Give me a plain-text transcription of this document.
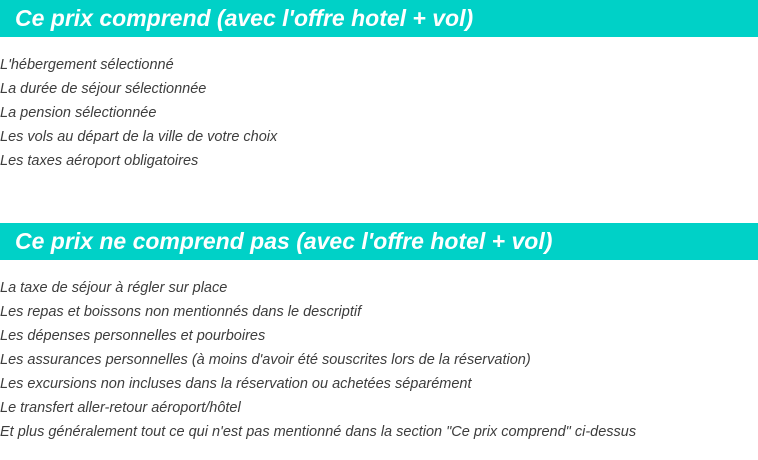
Ce prix comprend (avec l'offre hotel + vol)
L'hébergement sélectionné
La durée de séjour sélectionnée
La pension sélectionnée
Les vols au départ de la ville de votre choix
Les taxes aéroport obligatoires
Ce prix ne comprend pas (avec l'offre hotel + vol)
La taxe de séjour à régler sur place
Les repas et boissons non mentionnés dans le descriptif
Les dépenses personnelles et pourboires
Les assurances personnelles (à moins d'avoir été souscrites lors de la réservation)
Les excursions non incluses dans la réservation ou achetées séparément
Le transfert aller-retour aéroport/hôtel
Et plus généralement tout ce qui n'est pas mentionné dans la section "Ce prix comprend" ci-dessus
